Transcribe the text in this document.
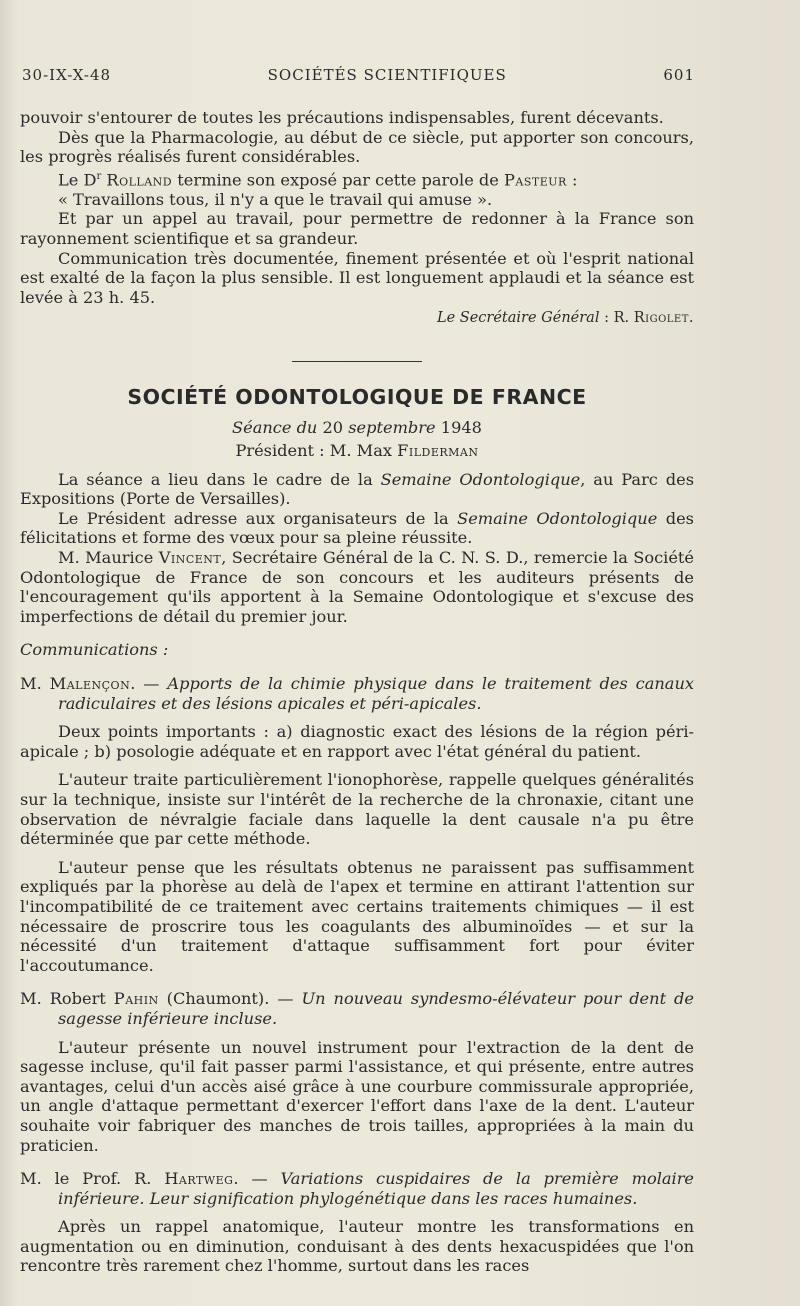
30-IX-X-48	SOCIÉTÉS SCIENTIFIQUES	601

pouvoir s'entourer de toutes les précautions indispensables, furent décevants.

Dès que la Pharmacologie, au début de ce siècle, put apporter son concours, les progrès réalisés furent considérables.

Le $D^r$ Rolland termine son exposé par cette parole de Pasteur :

« Travaillons tous, il n'y a que le travail qui amuse ».

Et par un appel au travail, pour permettre de redonner à la France son rayonnement scientifique et sa grandeur.

Communication très documentée, finement présentée et où l'esprit national est exalté de la façon la plus sensible. Il est longuement applaudi et la séance est levée à 23 h. 45.

Le Secrétaire Général : R. Rigolet.

SOCIÉTÉ ODONTOLOGIQUE DE FRANCE
Séance du 20 septembre 1948
Président : M. Max Filderman

La séance a lieu dans le cadre de la Semaine Odontologique, au Parc des Expositions (Porte de Versailles).

Le Président adresse aux organisateurs de la Semaine Odontologique des félicitations et forme des vœux pour sa pleine réussite.

M. Maurice Vincent, Secrétaire Général de la C. N. S. D., remercie la Société Odontologique de France de son concours et les auditeurs présents de l'encouragement qu'ils apportent à la Semaine Odontologique et s'excuse des imperfections de détail du premier jour.

Communications :

M. Malençon. — Apports de la chimie physique dans le traitement des canaux radiculaires et des lésions apicales et péri-apicales.

Deux points importants : a) diagnostic exact des lésions de la région péri-apicale ; b) posologie adéquate et en rapport avec l'état général du patient.

L'auteur traite particulièrement l'ionophorèse, rappelle quelques généralités sur la technique, insiste sur l'intérêt de la recherche de la chronaxie, citant une observation de névralgie faciale dans laquelle la dent causale n'a pu être déterminée que par cette méthode.

L'auteur pense que les résultats obtenus ne paraissent pas suffisamment expliqués par la phorèse au delà de l'apex et termine en attirant l'attention sur l'incompatibilité de ce traitement avec certains traitements chimiques — il est nécessaire de proscrire tous les coagulants des albuminoïdes — et sur la nécessité d'un traitement d'attaque suffisamment fort pour éviter l'accoutumance.

M. Robert Pahin (Chaumont). — Un nouveau syndesmo-élévateur pour dent de sagesse inférieure incluse.

L'auteur présente un nouvel instrument pour l'extraction de la dent de sagesse incluse, qu'il fait passer parmi l'assistance, et qui présente, entre autres avantages, celui d'un accès aisé grâce à une courbure commissurale appropriée, un angle d'attaque permettant d'exercer l'effort dans l'axe de la dent. L'auteur souhaite voir fabriquer des manches de trois tailles, appropriées à la main du praticien.

M. le Prof. R. Hartweg. — Variations cuspidaires de la première molaire inférieure. Leur signification phylogénétique dans les races humaines.

Après un rappel anatomique, l'auteur montre les transformations en augmentation ou en diminution, conduisant à des dents hexacuspidées que l'on rencontre très rarement chez l'homme, surtout dans les races
